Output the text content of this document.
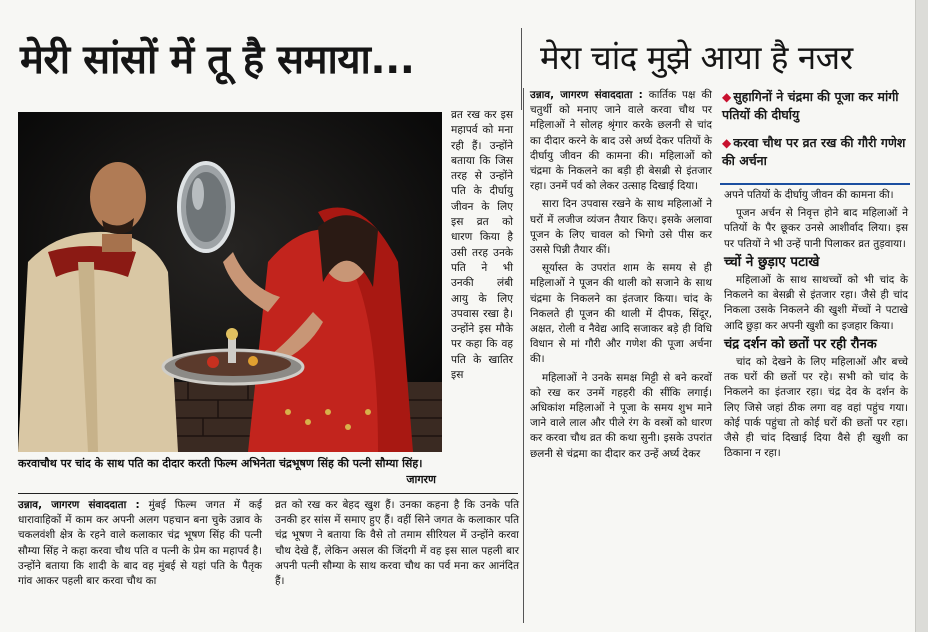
मेरी सांसों में तू है समाया...	मेरा चांद मुझे आया है नजर

व्रत रख कर इस महापर्व को मना रही हैं। उन्होंने बताया कि जिस तरह से उन्होंने पति के दीर्घायु जीवन के लिए इस व्रत को धारण किया है उसी तरह उनके पति ने भी उनकी लंबी आयु के लिए उपवास रखा है। उन्होंने इस मौके पर कहा कि वह पति के खातिर इस

करवाचौथ पर चांद के साथ पति का दीदार करती फिल्म अभिनेता चंद्रभूषण सिंह की पत्नी सौम्या सिंह।
जागरण

उन्नाव, जागरण संवाददाता : मुंबई फिल्म जगत में कई धारावाहिकों में काम कर अपनी अलग पहचान बना चुके उन्नाव के चकलवंशी क्षेत्र के रहने वाले कलाकार चंद्र भूषण सिंह की पत्नी सौम्या सिंह ने कहा करवा चौथ पति व पत्नी के प्रेम का महापर्व है। उन्होंने बताया कि शादी के बाद वह मुंबई से यहां पति के पैतृक गांव आकर पहली बार करवा चौथ का

व्रत को रख कर बेहद खुश हैं। उनका कहना है कि उनके पति उनकी हर सांस में समाए हुए हैं। वहीं सिने जगत के कलाकार पति चंद्र भूषण ने बताया कि वैसे तो तमाम सीरियल में उन्होंने करवा चौथ देखे हैं, लेकिन असल की जिंदगी में वह इस साल पहली बार अपनी पत्नी सौम्या के साथ करवा चौथ का पर्व मना कर आनंदित हैं।

उन्नाव, जागरण संवाददाता : कार्तिक पक्ष की चतुर्थी को मनाए जाने वाले करवा चौथ पर महिलाओं ने सोलह श्रृंगार करके छलनी से चांद का दीदार करने के बाद उसे अर्घ्य देकर पतियों के दीर्घायु जीवन की कामना की। महिलाओं को चंद्रमा के निकलने का बड़ी ही बेसब्री से इंतजार रहा। उनमें पर्व को लेकर उत्साह दिखाई दिया।

सारा दिन उपवास रखने के साथ महिलाओं ने घरों में लजीज व्यंजन तैयार किए। इसके अलावा पूजन के लिए चावल को भिगो उसे पीस कर उससे पिन्नी तैयार कीं।

सूर्यास्त के उपरांत शाम के समय से ही महिलाओं ने पूजन की थाली को सजाने के साथ चंद्रमा के निकलने का इंतजार किया। चांद के निकलते ही पूजन की थाली में दीपक, सिंदूर, अक्षत, रोली व नैवेद्य आदि सजाकर बड़े ही विधि विधान से मां गौरी और गणेश की पूजा अर्चना की।

महिलाओं ने उनके समक्ष मिट्टी से बने करवों को रख कर उनमें गहहरी की सींकि लगाई। अधिकांश महिलाओं ने पूजा के समय शुभ माने जाने वाले लाल और पीले रंग के वस्त्रों को धारण कर करवा चौथ व्रत की कथा सुनी। इसके उपरांत छलनी से चंद्रमा का दीदार कर उन्हें अर्घ्य देकर

◆ सुहागिनों ने चंद्रमा की पूजा कर मांगी पतियों की दीर्घायु
◆ करवा चौथ पर व्रत रख की गौरी गणेश की अर्चना

अपने पतियों के दीर्घायु जीवन की कामना की।

पूजन अर्चन से निवृत्त होने बाद महिलाओं ने पतियों के पैर छूकर उनसे आशीर्वाद लिया। इस पर पतियों ने भी उन्हें पानी पिलाकर व्रत तुड़वाया।

च्चों ने छुड़ाए पटाखे

महिलाओं के साथ साथच्चों को भी चांद के निकलने का बेसब्री से इंतजार रहा। जैसे ही चांद निकला उसके निकलने की खुशी मेंच्चों ने पटाखे आदि छुड़ा कर अपनी खुशी का इजहार किया।

चंद्र दर्शन को छतों पर रही रौनक

चांद को देखने के लिए महिलाओं और बच्चे तक घरों की छतों पर रहे। सभी को चांद के निकलने का इंतजार रहा। चंद्र देव के दर्शन के लिए जिसे जहां ठीक लगा वह वहां पहुंच गया। कोई पार्क पहुंचा तो कोई घरों की छतों पर रहा। जैसे ही चांद दिखाई दिया वैसे ही खुशी का ठिकाना न रहा।
